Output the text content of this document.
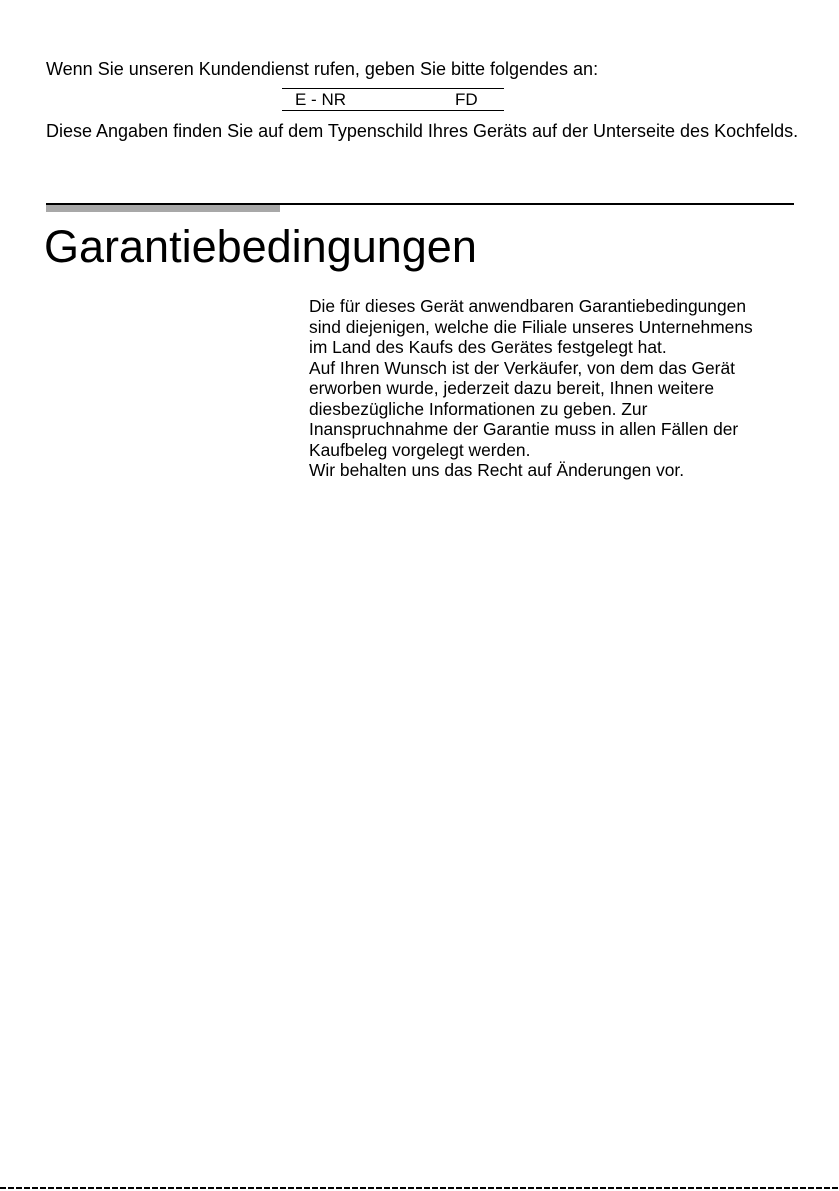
Wenn Sie unseren Kundendienst rufen, geben Sie bitte folgendes an:

E - NR	FD

Diese Angaben finden Sie auf dem Typenschild Ihres Geräts auf der Unterseite des Kochfelds.

Garantiebedingungen

Die für dieses Gerät anwendbaren Garantiebedingungen
sind diejenigen, welche die Filiale unseres Unternehmens
im Land des Kaufs des Gerätes festgelegt hat.
Auf Ihren Wunsch ist der Verkäufer, von dem das Gerät
erworben wurde, jederzeit dazu bereit, Ihnen weitere
diesbezügliche Informationen zu geben. Zur
Inanspruchnahme der Garantie muss in allen Fällen der
Kaufbeleg vorgelegt werden.
Wir behalten uns das Recht auf Änderungen vor.
